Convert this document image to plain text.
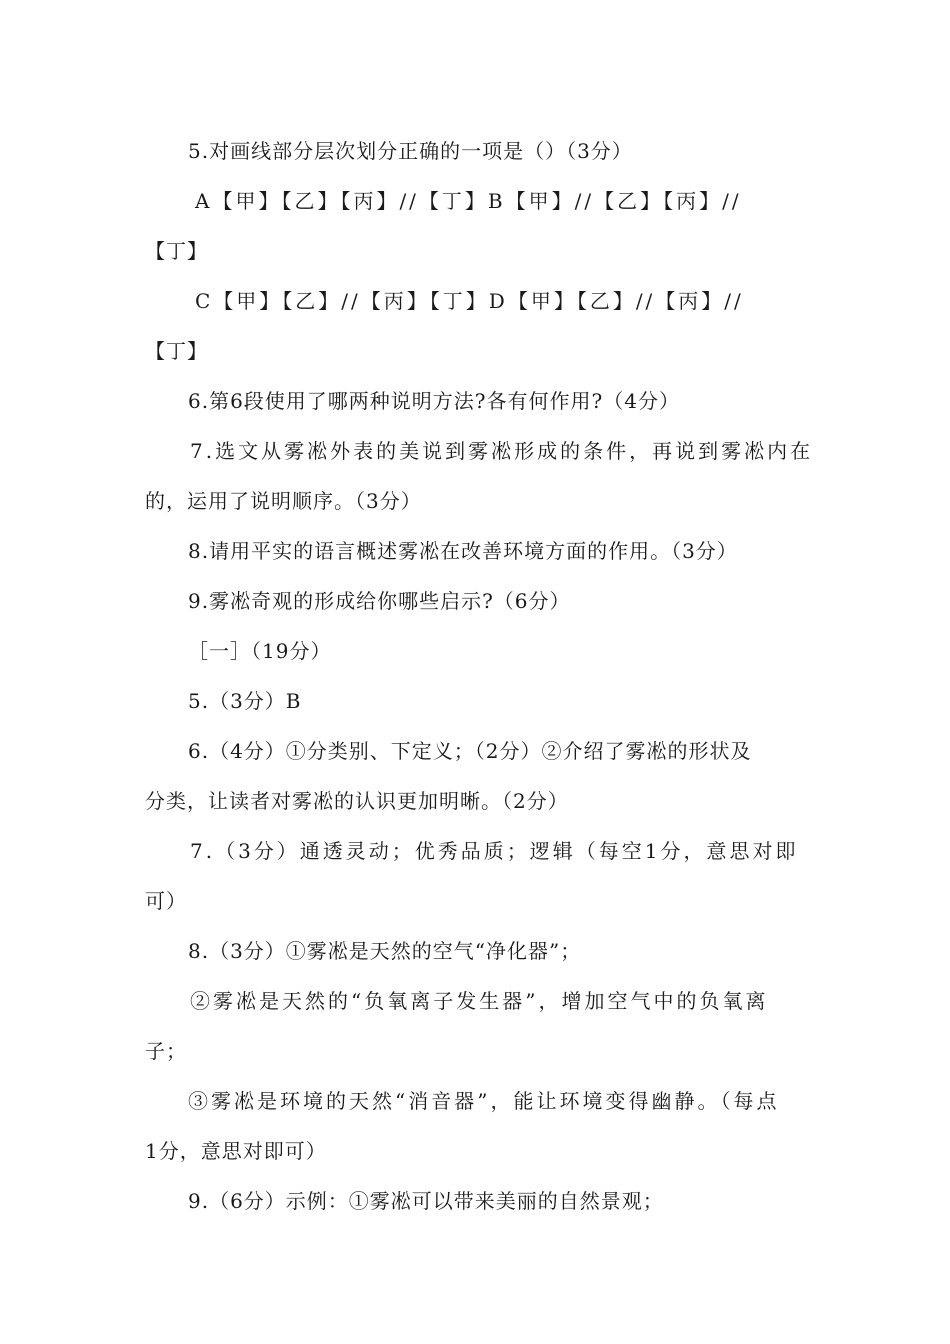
5.对画线部分层次划分正确的一项是（）（3分）
A【甲】【乙】【丙】//【丁】B【甲】//【乙】【丙】//
【丁】
C【甲】【乙】//【丙】【丁】D【甲】【乙】//【丙】//
【丁】
6.第6段使用了哪两种说明方法?各有何作用?（4分）
7.选文从雾凇外表的美说到雾凇形成的条件，再说到雾凇内在
的，运用了说明顺序。（3分）
8.请用平实的语言概述雾凇在改善环境方面的作用。（3分）
9.雾凇奇观的形成给你哪些启示?（6分）
［一］（19分）
5.（3分）B
6.（4分）①分类别、下定义；（2分）②介绍了雾凇的形状及
分类，让读者对雾凇的认识更加明晰。（2分）
7.（3分）通透灵动；优秀品质；逻辑（每空1分，意思对即
可）
8.（3分）①雾凇是天然的空气“净化器”；
②雾凇是天然的“负氧离子发生器”，增加空气中的负氧离
子；
③雾凇是环境的天然“消音器”，能让环境变得幽静。（每点
1分，意思对即可）
9.（6分）示例：①雾凇可以带来美丽的自然景观；
